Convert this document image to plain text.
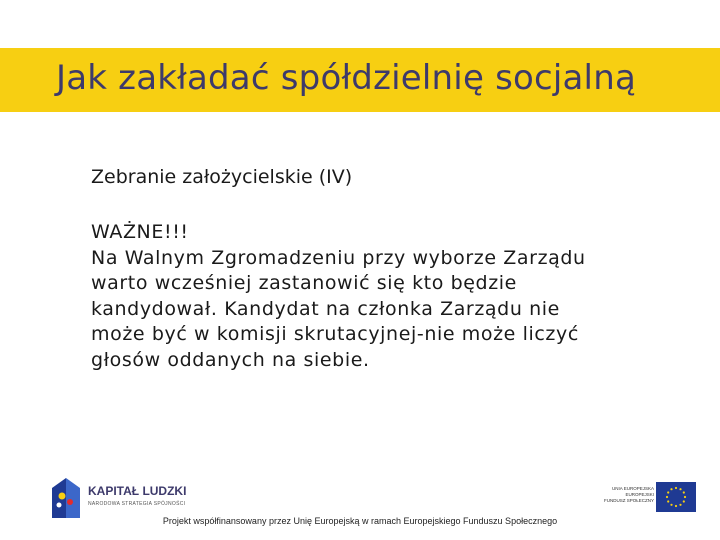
Jak zakładać spółdzielnię socjalną
Zebranie założycielskie (IV)
WAŻNE!!!
Na Walnym Zgromadzeniu przy wyborze Zarządu
warto wcześniej zastanowić się kto będzie
kandydował. Kandydat na członka Zarządu nie
może być w komisji skrutacyjnej-nie może liczyć
głosów oddanych na siebie.
KAPITAŁ LUDZKI
NARODOWA STRATEGIA SPÓJNOŚCI
UNIA EUROPEJSKA
EUROPEJSKI
FUNDUSZ SPOŁECZNY
Projekt współfinansowany przez Unię Europejską w ramach Europejskiego Funduszu Społecznego
